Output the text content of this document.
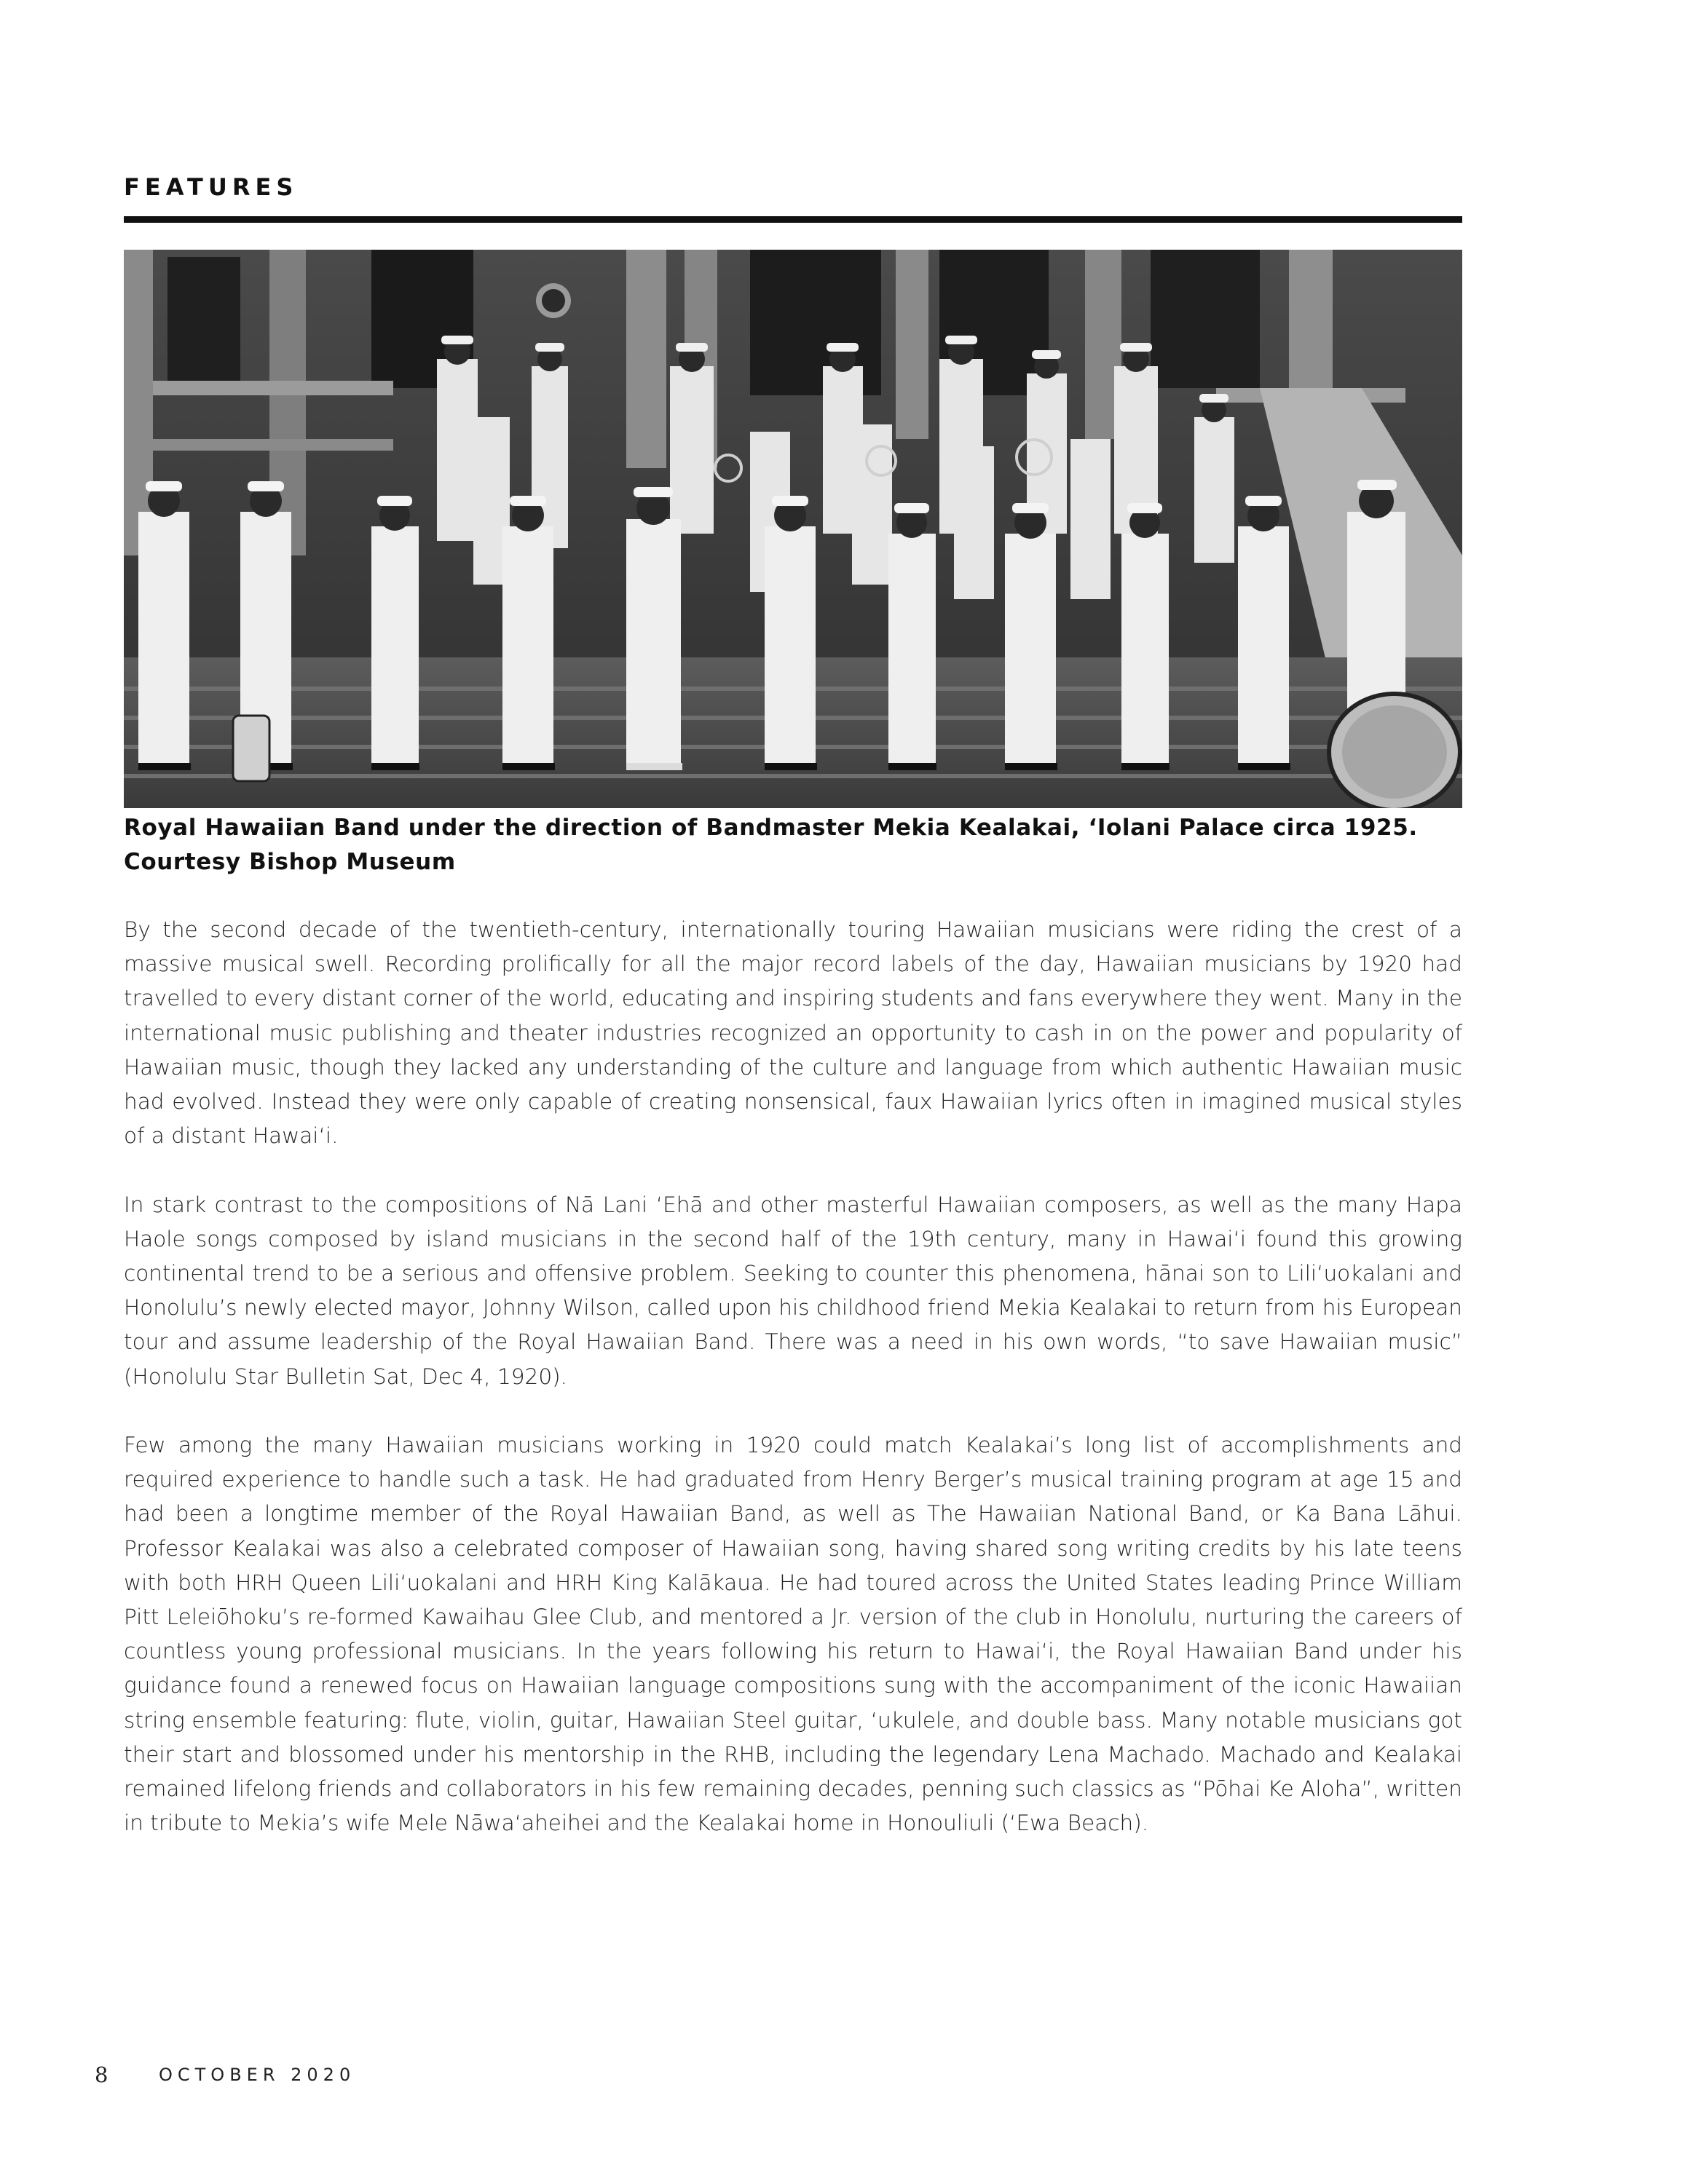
FEATURES
Royal Hawaiian Band under the direction of Bandmaster Mekia Kealakai, ʻIolani Palace circa 1925.
Courtesy Bishop Museum

By the second decade of the twentieth-century, internationally touring Hawaiian musicians were riding the crest of a massive musical swell. Recording prolifically for all the major record labels of the day, Hawaiian musicians by 1920 had travelled to every distant corner of the world, educating and inspiring students and fans everywhere they went. Many in the international music publishing and theater industries recognized an opportunity to cash in on the power and popularity of Hawaiian music, though they lacked any understanding of the culture and language from which authentic Hawaiian music had evolved. Instead they were only capable of creating nonsensical, faux Hawaiian lyrics often in imagined musical styles of a distant Hawaiʻi.

In stark contrast to the compositions of Nā Lani ʻEhā and other masterful Hawaiian composers, as well as the many Hapa Haole songs composed by island musicians in the second half of the 19th century, many in Hawaiʻi found this growing continental trend to be a serious and offensive problem. Seeking to counter this phenomena, hānai son to Liliʻuokalani and Honolulu’s newly elected mayor, Johnny Wilson, called upon his childhood friend Mekia Kealakai to return from his European tour and assume leadership of the Royal Hawaiian Band. There was a need in his own words, “to save Hawaiian music” (Honolulu Star Bulletin Sat, Dec 4, 1920).

Few among the many Hawaiian musicians working in 1920 could match Kealakai’s long list of accomplishments and required experience to handle such a task. He had graduated from Henry Berger’s musical training program at age 15 and had been a longtime member of the Royal Hawaiian Band, as well as The Hawaiian National Band, or Ka Bana Lāhui. Professor Kealakai was also a celebrated composer of Hawaiian song, having shared song writing credits by his late teens with both HRH Queen Liliʻuokalani and HRH King Kalākaua. He had toured across the United States leading Prince William Pitt Leleiōhoku’s re-formed Kawaihau Glee Club, and mentored a Jr. version of the club in Honolulu, nurturing the careers of countless young professional musicians. In the years following his return to Hawaiʻi, the Royal Hawaiian Band under his guidance found a renewed focus on Hawaiian language compositions sung with the accompaniment of the iconic Hawaiian string ensemble featuring: flute, violin, guitar, Hawaiian Steel guitar, ʻukulele, and double bass. Many notable musicians got their start and blossomed under his mentorship in the RHB, including the legendary Lena Machado. Machado and Kealakai remained lifelong friends and collaborators in his few remaining decades, penning such classics as “Pōhai Ke Aloha”, written in tribute to Mekia’s wife Mele Nāwaʻaheihei and the Kealakai home in Honouliuli (ʻEwa Beach).

8	OCTOBER 2020
